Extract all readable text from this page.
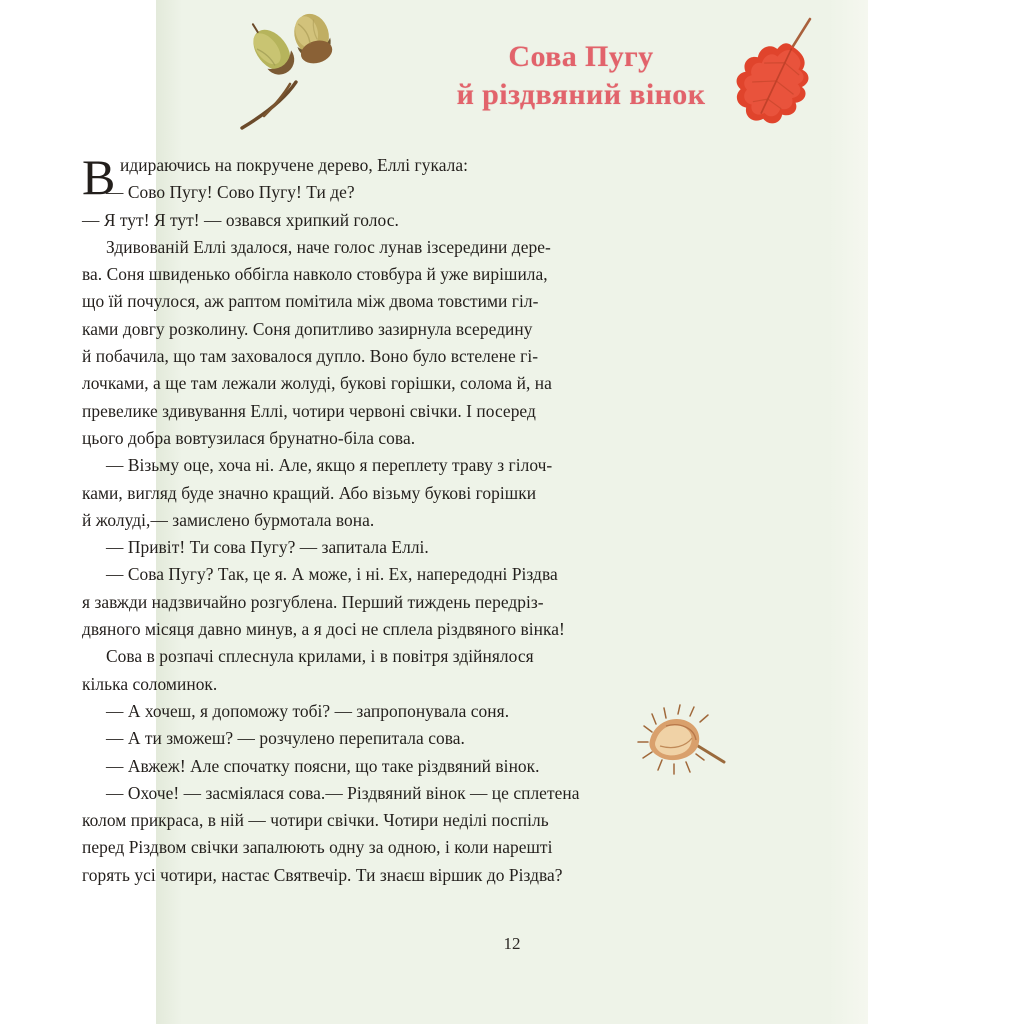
Сова Пугу
й різдвяний вінок
В идираючись на покручене дерево, Еллі гукала:
— Сово Пугу! Сово Пугу! Ти де?
— Я тут! Я тут! — озвався хрипкий голос.
Здивованій Еллі здалося, наче голос лунав ізсередини дере-
ва. Соня швиденько оббігла навколо стовбура й уже вирішила,
що їй почулося, аж раптом помітила між двома товстими гіл-
ками довгу розколину. Соня допитливо зазирнула всередину
й побачила, що там заховалося дупло. Воно було встелене гі-
лочками, а ще там лежали жолуді, букові горішки, солома й, на
превелике здивування Еллі, чотири червоні свічки. І посеред
цього добра вовтузилася брунатно-біла сова.
— Візьму оце, хоча ні. Але, якщо я переплету траву з гілоч-
ками, вигляд буде значно кращий. Або візьму букові горішки
й жолуді,— замислено бурмотала вона.
— Привіт! Ти сова Пугу? — запитала Еллі.
— Сова Пугу? Так, це я. А може, і ні. Ех, напередодні Різдва
я завжди надзвичайно розгублена. Перший тиждень передріз-
двяного місяця давно минув, а я досі не сплела різдвяного вінка!
Сова в розпачі сплеснула крилами, і в повітря здійнялося
кілька соломинок.
— А хочеш, я допоможу тобі? — запропонувала соня.
— А ти зможеш? — розчулено перепитала сова.
— Авжеж! Але спочатку поясни, що таке різдвяний вінок.
— Охоче! — засміялася сова.— Різдвяний вінок — це сплетена
колом прикраса, в ній — чотири свічки. Чотири неділі поспіль
перед Різдвом свічки запалюють одну за одною, і коли нарешті
горять усі чотири, настає Святвечір. Ти знаєш віршик до Різдва?
12
